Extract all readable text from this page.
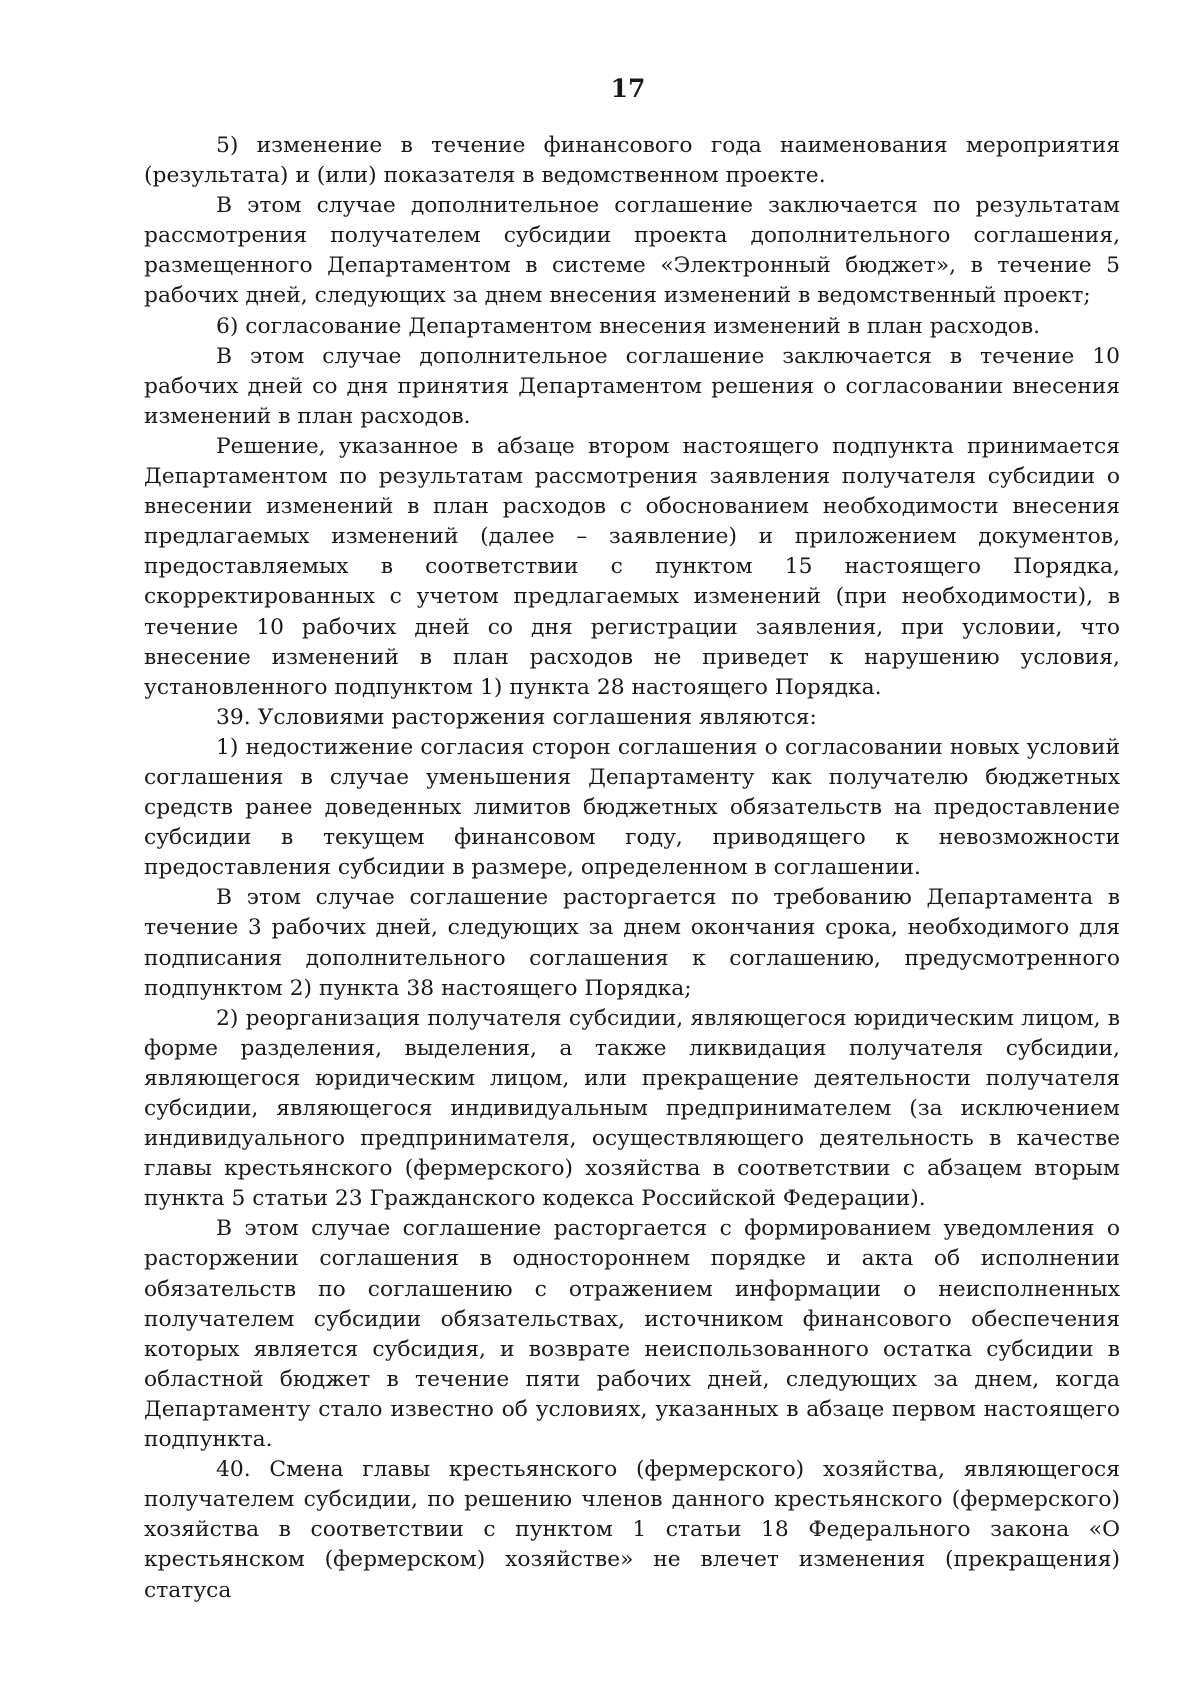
17

5) изменение в течение финансового года наименования мероприятия (результата) и (или) показателя в ведомственном проекте.

В этом случае дополнительное соглашение заключается по результатам рассмотрения получателем субсидии проекта дополнительного соглашения, размещенного Департаментом в системе «Электронный бюджет», в течение 5 рабочих дней, следующих за днем внесения изменений в ведомственный проект;

6) согласование Департаментом внесения изменений в план расходов.

В этом случае дополнительное соглашение заключается в течение 10 рабочих дней со дня принятия Департаментом решения о согласовании внесения изменений в план расходов.

Решение, указанное в абзаце втором настоящего подпункта принимается Департаментом по результатам рассмотрения заявления получателя субсидии о внесении изменений в план расходов с обоснованием необходимости внесения предлагаемых изменений (далее – заявление) и приложением документов, предоставляемых в соответствии с пунктом 15 настоящего Порядка, скорректированных с учетом предлагаемых изменений (при необходимости), в течение 10 рабочих дней со дня регистрации заявления, при условии, что внесение изменений в план расходов не приведет к нарушению условия, установленного подпунктом 1) пункта 28 настоящего Порядка.

39. Условиями расторжения соглашения являются:

1) недостижение согласия сторон соглашения о согласовании новых условий соглашения в случае уменьшения Департаменту как получателю бюджетных средств ранее доведенных лимитов бюджетных обязательств на предоставление субсидии в текущем финансовом году, приводящего к невозможности предоставления субсидии в размере, определенном в соглашении.

В этом случае соглашение расторгается по требованию Департамента в течение 3 рабочих дней, следующих за днем окончания срока, необходимого для подписания дополнительного соглашения к соглашению, предусмотренного подпунктом 2) пункта 38 настоящего Порядка;

2) реорганизация получателя субсидии, являющегося юридическим лицом, в форме разделения, выделения, а также ликвидация получателя субсидии, являющегося юридическим лицом, или прекращение деятельности получателя субсидии, являющегося индивидуальным предпринимателем (за исключением индивидуального предпринимателя, осуществляющего деятельность в качестве главы крестьянского (фермерского) хозяйства в соответствии с абзацем вторым пункта 5 статьи 23 Гражданского кодекса Российской Федерации).

В этом случае соглашение расторгается с формированием уведомления о расторжении соглашения в одностороннем порядке и акта об исполнении обязательств по соглашению с отражением информации о неисполненных получателем субсидии обязательствах, источником финансового обеспечения которых является субсидия, и возврате неиспользованного остатка субсидии в областной бюджет в течение пяти рабочих дней, следующих за днем, когда Департаменту стало известно об условиях, указанных в абзаце первом настоящего подпункта.

40. Смена главы крестьянского (фермерского) хозяйства, являющегося получателем субсидии, по решению членов данного крестьянского (фермерского) хозяйства в соответствии с пунктом 1 статьи 18 Федерального закона «О крестьянском (фермерском) хозяйстве» не влечет изменения (прекращения) статуса
